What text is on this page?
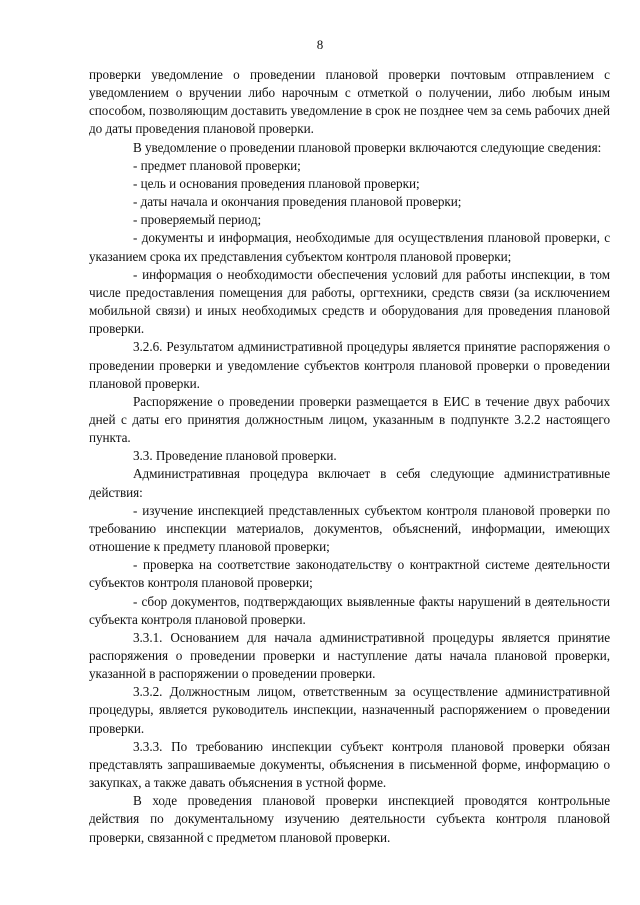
8

проверки уведомление о проведении плановой проверки почтовым отправлением с уведомлением о вручении либо нарочным с отметкой о получении, либо любым иным способом, позволяющим доставить уведомление в срок не позднее чем за семь рабочих дней до даты проведения плановой проверки.

В уведомление о проведении плановой проверки включаются следующие сведения:

- предмет плановой проверки;

- цель и основания проведения плановой проверки;

- даты начала и окончания проведения плановой проверки;

- проверяемый период;

- документы и информация, необходимые для осуществления плановой проверки, с указанием срока их представления субъектом контроля плановой проверки;

- информация о необходимости обеспечения условий для работы инспекции, в том числе предоставления помещения для работы, оргтехники, средств связи (за исключением мобильной связи) и иных необходимых средств и оборудования для проведения плановой проверки.

3.2.6. Результатом административной процедуры является принятие распоряжения о проведении проверки и уведомление субъектов контроля плановой проверки о проведении плановой проверки.

Распоряжение о проведении проверки размещается в ЕИС в течение двух рабочих дней с даты его принятия должностным лицом, указанным в подпункте 3.2.2 настоящего пункта.

3.3. Проведение плановой проверки.

Административная процедура включает в себя следующие административные действия:

- изучение инспекцией представленных субъектом контроля плановой проверки по требованию инспекции материалов, документов, объяснений, информации, имеющих отношение к предмету плановой проверки;

- проверка на соответствие законодательству о контрактной системе деятельности субъектов контроля плановой проверки;

- сбор документов, подтверждающих выявленные факты нарушений в деятельности субъекта контроля плановой проверки.

3.3.1. Основанием для начала административной процедуры является принятие распоряжения о проведении проверки и наступление даты начала плановой проверки, указанной в распоряжении о проведении проверки.

3.3.2. Должностным лицом, ответственным за осуществление административной процедуры, является руководитель инспекции, назначенный распоряжением о проведении проверки.

3.3.3. По требованию инспекции субъект контроля плановой проверки обязан представлять запрашиваемые документы, объяснения в письменной форме, информацию о закупках, а также давать объяснения в устной форме.

В ходе проведения плановой проверки инспекцией проводятся контрольные действия по документальному изучению деятельности субъекта контроля плановой проверки, связанной с предметом плановой проверки.
